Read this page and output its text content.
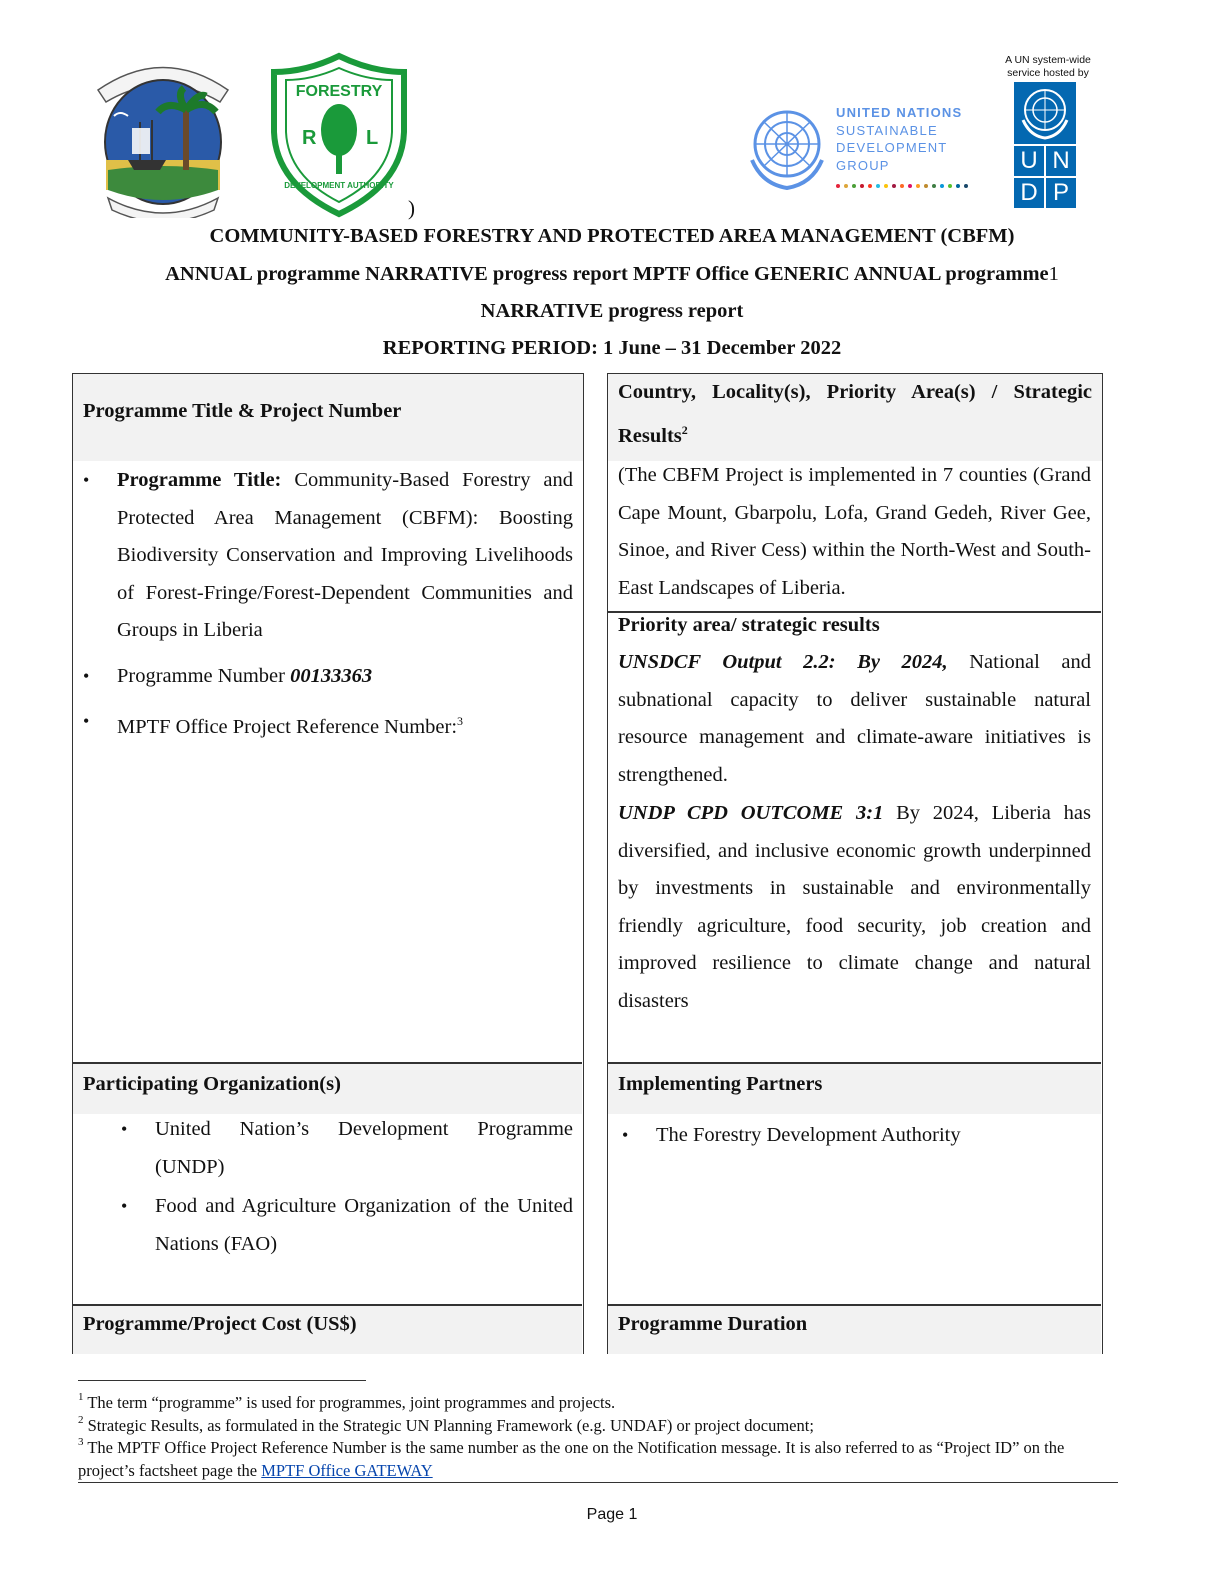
FORESTRY
R L
DEVELOPMENT AUTHORITY
)
UNITED NATIONS
SUSTAINABLE
DEVELOPMENT
GROUP
A UN system-wide
service hosted by
U N
D P
COMMUNITY-BASED FORESTRY AND PROTECTED AREA MANAGEMENT (CBFM)
ANNUAL programme NARRATIVE progress report MPTF Office GENERIC ANNUAL programme1
NARRATIVE progress report
REPORTING PERIOD: 1 June – 31 December 2022
Programme Title & Project Number
• Programme Title: Community-Based Forestry and Protected Area Management (CBFM): Boosting Biodiversity Conservation and Improving Livelihoods of Forest-Fringe/Forest-Dependent Communities and Groups in Liberia
• Programme Number 00133363
• MPTF Office Project Reference Number:$^3$
Participating Organization(s)
• United Nation’s Development Programme (UNDP)
• Food and Agriculture Organization of the United Nations (FAO)
Programme/Project Cost (US$)
Country, Locality(s), Priority Area(s) / Strategic Results$^2$
(The CBFM Project is implemented in 7 counties (Grand Cape Mount, Gbarpolu, Lofa, Grand Gedeh, River Gee, Sinoe, and River Cess) within the North-West and South-East Landscapes of Liberia.
Priority area/ strategic results
UNSDCF Output 2.2: By 2024, National and subnational capacity to deliver sustainable natural resource management and climate-aware initiatives is strengthened.
UNDP CPD OUTCOME 3:1 By 2024, Liberia has diversified, and inclusive economic growth underpinned by investments in sustainable and environmentally friendly agriculture, food security, job creation and improved resilience to climate change and natural disasters
Implementing Partners
• The Forestry Development Authority
Programme Duration
$^1$ The term “programme” is used for programmes, joint programmes and projects.
$^2$ Strategic Results, as formulated in the Strategic UN Planning Framework (e.g. UNDAF) or project document;
$^3$ The MPTF Office Project Reference Number is the same number as the one on the Notification message. It is also referred to as “Project ID” on the project’s factsheet page the MPTF Office GATEWAY
Page 1
